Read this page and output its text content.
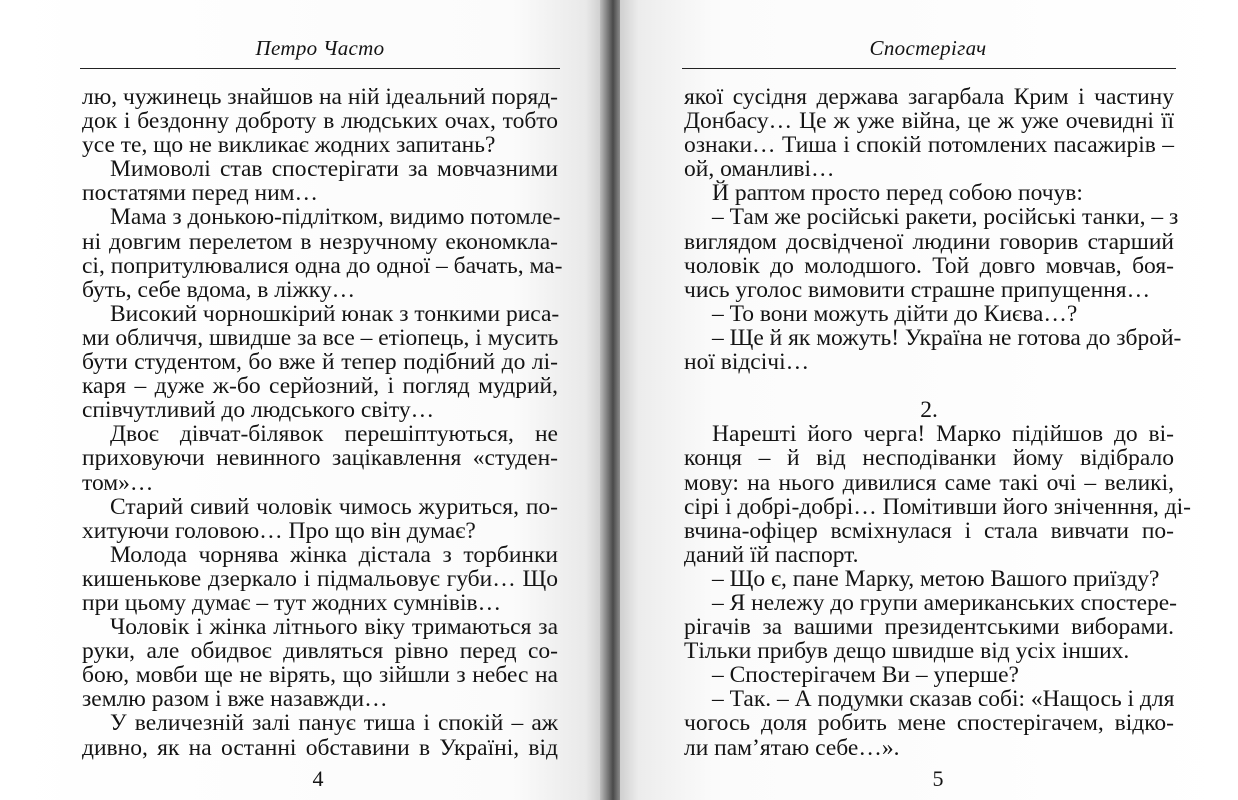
Петро Часто
лю, чужинець знайшов на ній ідеальний поряд-
док і бездонну доброту в людських очах, тобто
усе те, що не викликає жодних запитань?
Мимоволі став спостерігати за мовчазними
постатями перед ним…
Мама з донькою-підлітком, видимо потомле-
ні довгим перелетом в незручному економкла-
сі, попритулювалися одна до одної – бачать, ма-
буть, себе вдома, в ліжку…
Високий чорношкірий юнак з тонкими риса-
ми обличчя, швидше за все – етіопець, і мусить
бути студентом, бо вже й тепер подібний до лі-
каря – дуже ж-бо серйозний, і погляд мудрий,
співчутливий до людського світу…
Двоє дівчат-білявок перешіптуються, не
приховуючи невинного зацікавлення «студен-
том»…
Старий сивий чоловік чимось журиться, по-
хитуючи головою… Про що він думає?
Молода чорнява жінка дістала з торбинки
кишенькове дзеркало і підмальовує губи… Що
при цьому думає – тут жодних сумнівів…
Чоловік і жінка літнього віку тримаються за
руки, але обидвоє дивляться рівно перед со-
бою, мовби ще не вірять, що зійшли з небес на
землю разом і вже назавжди…
У величезній залі панує тиша і спокій – аж
дивно, як на останні обставини в Україні, від
4
Спостерігач
якої сусідня держава загарбала Крим і частину
Донбасу… Це ж уже війна, це ж уже очевидні її
ознаки… Тиша і спокій потомлених пасажирів –
ой, оманливі…
Й раптом просто перед собою почув:
– Там же російські ракети, російські танки, – з
виглядом досвідченої людини говорив старший
чоловік до молодшого. Той довго мовчав, боя-
чись уголос вимовити страшне припущення…
– То вони можуть дійти до Києва…?
– Ще й як можуть! Україна не готова до зброй-
ної відсічі…
2.
Нарешті його черга! Марко підійшов до ві-
конця – й від несподіванки йому відібрало
мову: на нього дивилися саме такі очі – великі,
сірі і добрі-добрі… Помітивши його зніченння, ді-
вчина-офіцер всміхнулася і стала вивчати по-
даний їй паспорт.
– Що є, пане Марку, метою Вашого приїзду?
– Я нележу до групи американських спостере-
рігачів за вашими президентськими виборами.
Тільки прибув дещо швидше від усіх інших.
– Спостерігачем Ви – уперше?
– Так. – А подумки сказав собі: «Нащось і для
чогось доля робить мене спостерігачем, відко-
ли пам’ятаю себе…».
5
